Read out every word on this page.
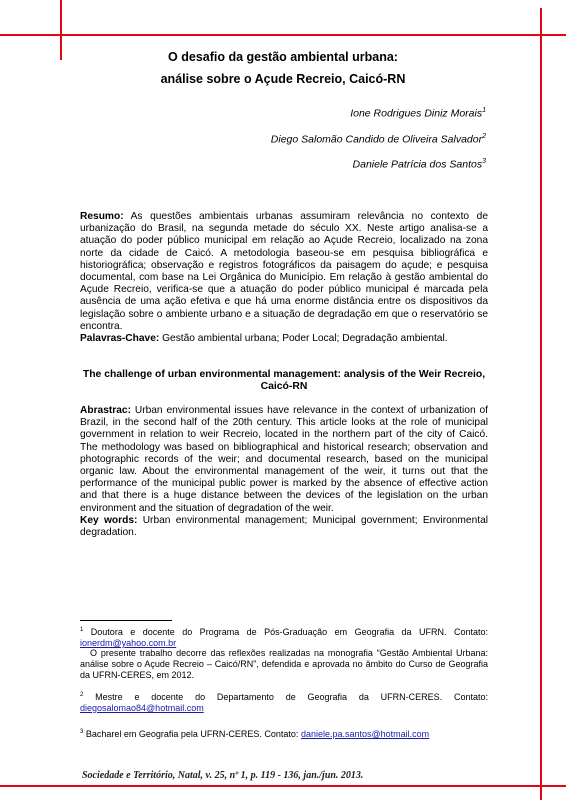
O desafio da gestão ambiental urbana:
análise sobre o Açude Recreio, Caicó-RN
Ione Rodrigues Diniz Morais$^1$
Diego Salomão Candido de Oliveira Salvador$^2$
Daniele Patrícia dos Santos$^3$
Resumo: As questões ambientais urbanas assumiram relevância no contexto de urbanização do Brasil, na segunda metade do século XX. Neste artigo analisa-se a atuação do poder público municipal em relação ao Açude Recreio, localizado na zona norte da cidade de Caicó. A metodologia baseou-se em pesquisa bibliográfica e historiográfica; observação e registros fotográficos da paisagem do açude; e pesquisa documental, com base na Lei Orgânica do Município. Em relação à gestão ambiental do Açude Recreio, verifica-se que a atuação do poder público municipal é marcada pela ausência de uma ação efetiva e que há uma enorme distância entre os dispositivos da legislação sobre o ambiente urbano e a situação de degradação em que o reservatório se encontra.
Palavras-Chave: Gestão ambiental urbana; Poder Local; Degradação ambiental.
The challenge of urban environmental management: analysis of the Weir Recreio, Caicó-RN
Abrastrac: Urban environmental issues have relevance in the context of urbanization of Brazil, in the second half of the 20th century. This article looks at the role of municipal government in relation to weir Recreio, located in the northern part of the city of Caicó. The methodology was based on bibliographical and historical research; observation and photographic records of the weir; and documental research, based on the municipal organic law. About the environmental management of the weir, it turns out that the performance of the municipal public power is marked by the absence of effective action and that there is a huge distance between the devices of the legislation on the urban environment and the situation of degradation of the weir.
Key words: Urban environmental management; Municipal government; Environmental degradation.
$^1$ Doutora e docente do Programa de Pós-Graduação em Geografia da UFRN. Contato: ionerdm@yahoo.com.br
O presente trabalho decorre das reflexões realizadas na monografia “Gestão Ambiental Urbana: análise sobre o Açude Recreio – Caicó/RN”, defendida e aprovada no âmbito do Curso de Geografia da UFRN-CERES, em 2012.
$^2$ Mestre e docente do Departamento de Geografia da UFRN-CERES. Contato: diegosalomao84@hotmail.com
$^3$ Bacharel em Geografia pela UFRN-CERES. Contato: daniele.pa.santos@hotmail.com
Sociedade e Território, Natal, v. 25, nº 1, p. 119 - 136, jan./jun. 2013.
